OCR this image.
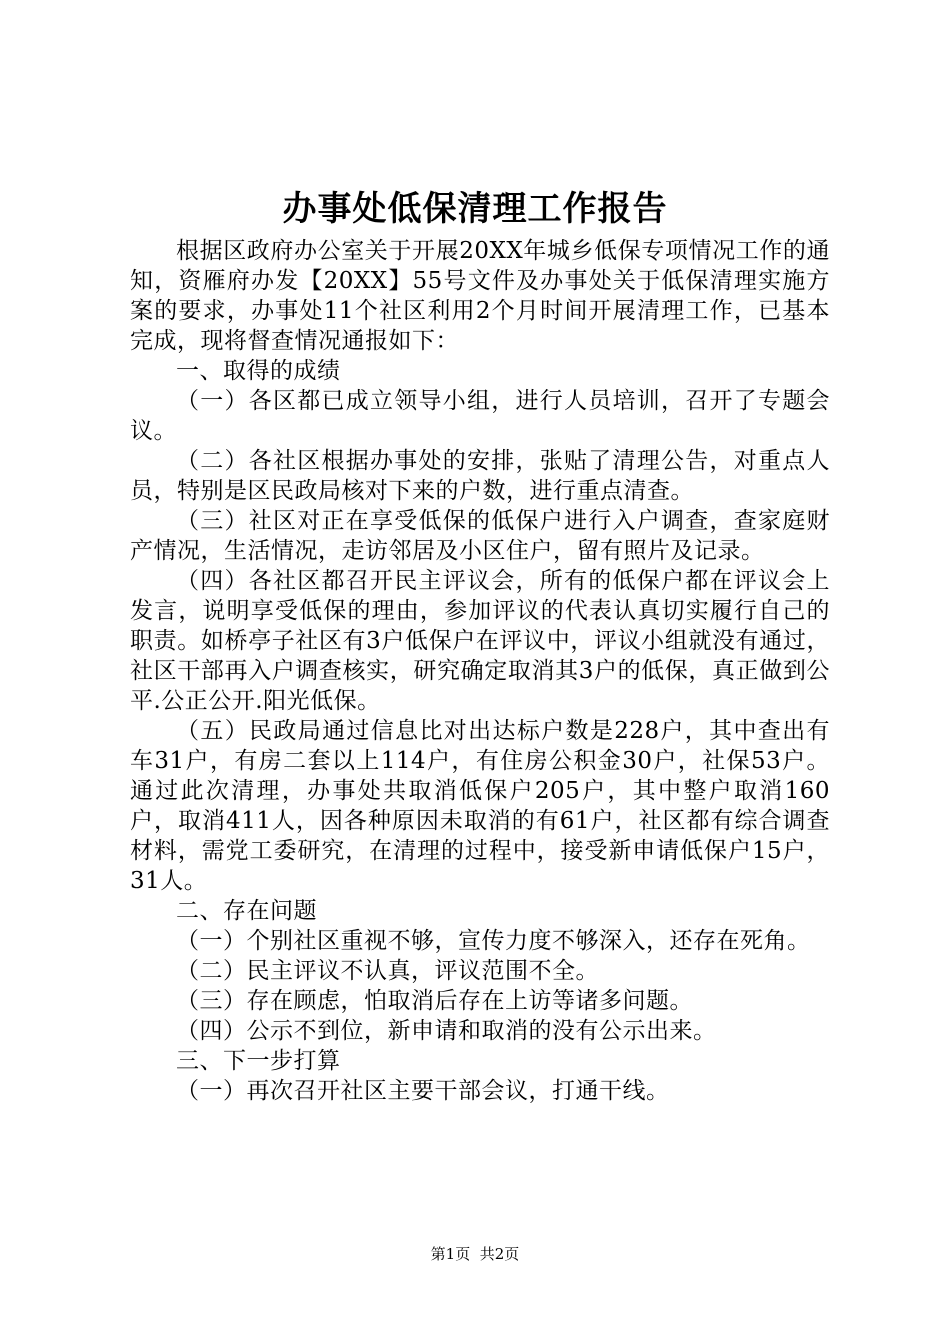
办事处低保清理工作报告

根据区政府办公室关于开展20XX年城乡低保专项情况工作的通知，资雁府办发【20XX】55号文件及办事处关于低保清理实施方案的要求，办事处11个社区利用2个月时间开展清理工作，已基本完成，现将督查情况通报如下：

一、取得的成绩

（一）各区都已成立领导小组，进行人员培训，召开了专题会议。

（二）各社区根据办事处的安排，张贴了清理公告，对重点人员，特别是区民政局核对下来的户数，进行重点清查。

（三）社区对正在享受低保的低保户进行入户调查，查家庭财产情况，生活情况，走访邻居及小区住户，留有照片及记录。

（四）各社区都召开民主评议会，所有的低保户都在评议会上发言，说明享受低保的理由，参加评议的代表认真切实履行自己的职责。如桥亭子社区有3户低保户在评议中，评议小组就没有通过，社区干部再入户调查核实，研究确定取消其3户的低保，真正做到公平.公正公开.阳光低保。

（五）民政局通过信息比对出达标户数是228户，其中查出有车31户，有房二套以上114户，有住房公积金30户，社保53户。通过此次清理，办事处共取消低保户205户，其中整户取消160户，取消411人，因各种原因未取消的有61户，社区都有综合调查材料，需党工委研究，在清理的过程中，接受新申请低保户15户，31人。

二、存在问题

（一）个别社区重视不够，宣传力度不够深入，还存在死角。

（二）民主评议不认真，评议范围不全。

（三）存在顾虑，怕取消后存在上访等诸多问题。

（四）公示不到位，新申请和取消的没有公示出来。

三、下一步打算

（一）再次召开社区主要干部会议，打通干线。

第1页 共2页
